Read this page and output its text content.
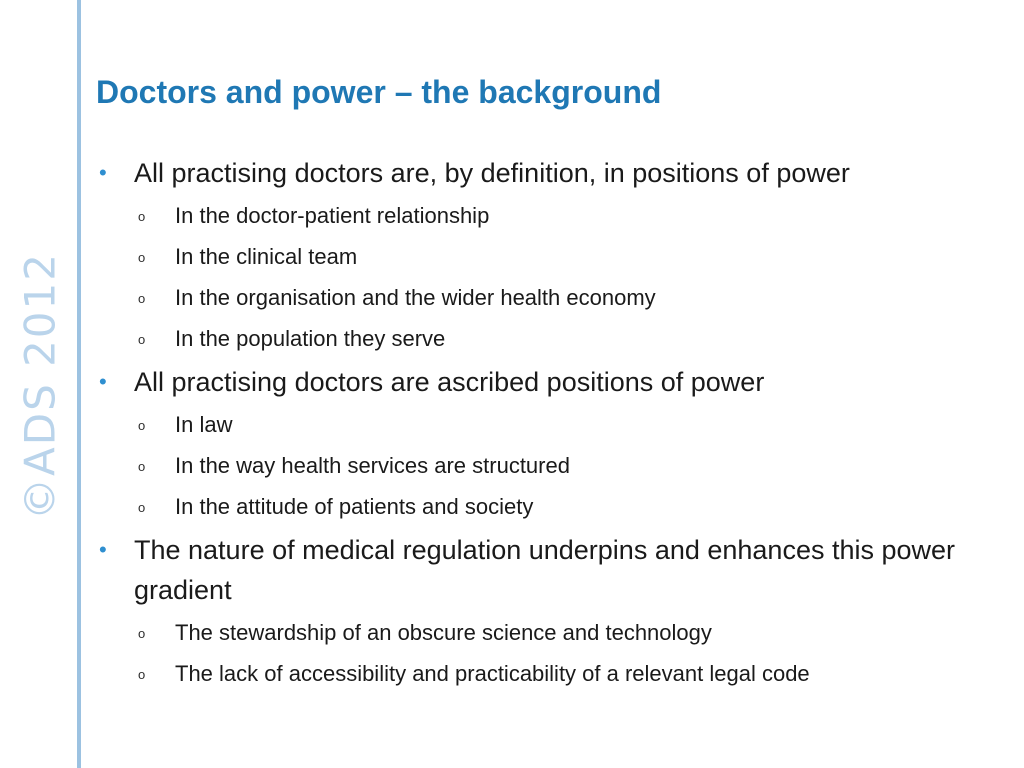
©ADS 2012
Doctors and power – the background
• All practising doctors are, by definition, in positions of power
o In the doctor-patient relationship
o In the clinical team
o In the organisation and the wider health economy
o In the population they serve
• All practising doctors are ascribed positions of power
o In law
o In the way health services are structured
o In the attitude of patients and society
• The nature of medical regulation underpins and enhances this power gradient
o The stewardship of an obscure science and technology
o The lack of accessibility and practicability of a relevant legal code
